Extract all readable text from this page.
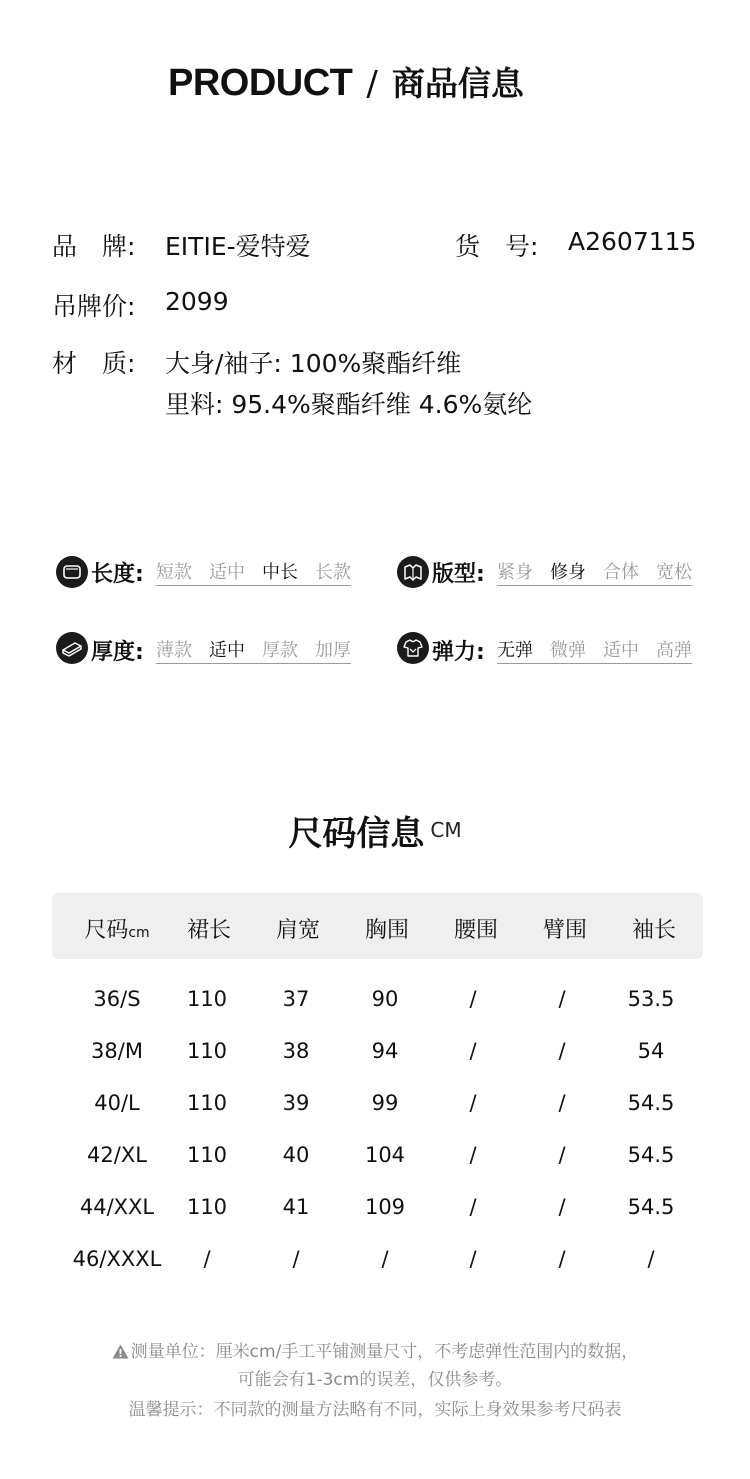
PRODUCT / 商品信息
品　牌: EITIE-爱特爱	货　号: A2607115
吊牌价: 2099
材　质: 大身/袖子: 100%聚酯纤维
里料: 95.4%聚酯纤维 4.6%氨纶
长度: 短款 适中 中长 长款	版型: 紧身 修身 合体 宽松
厚度: 薄款 适中 厚款 加厚	弹力: 无弹 微弹 适中 高弹
尺码信息 CM
尺码cm	裙长	肩宽	胸围	腰围	臂围	袖长
36/S	110	37	90	/	/	53.5
38/M	110	38	94	/	/	54
40/L	110	39	99	/	/	54.5
42/XL	110	40	104	/	/	54.5
44/XXL	110	41	109	/	/	54.5
46/XXXL	/	/	/	/	/	/
测量单位：厘米cm/手工平铺测量尺寸，不考虑弹性范围内的数据，
可能会有1-3cm的误差，仅供参考。
温馨提示：不同款的测量方法略有不同，实际上身效果参考尺码表
